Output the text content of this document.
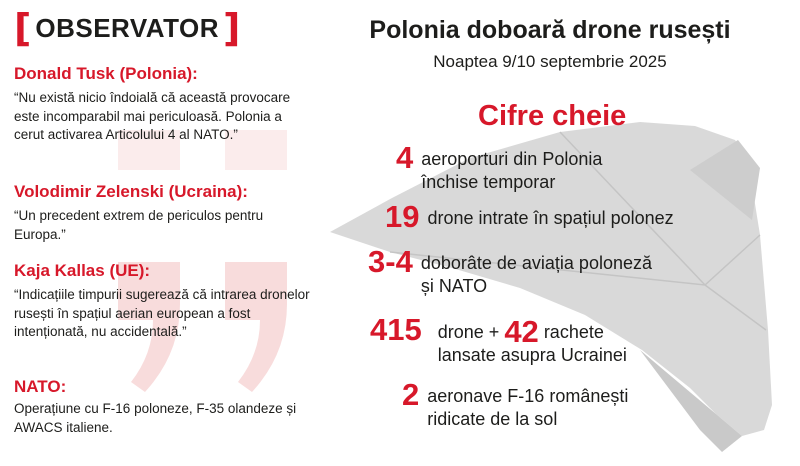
[ OBSERVATOR ]	Polonia doboară drone rusești
Noaptea 9/10 septembrie 2025
Donald Tusk (Polonia):
“Nu există nicio îndoială că această provocare este incomparabil mai periculoasă. Polonia a cerut activarea Articolului 4 al NATO.”
Volodimir Zelenski (Ucraina):
“Un precedent extrem de periculos pentru Europa.”
Kaja Kallas (UE):
“Indicațiile timpurii sugerează că intrarea dronelor rusești în spațiul aerian european a fost intenționată, nu accidentală.”
NATO:
Operațiune cu F-16 poloneze, F-35 olandeze și AWACS italiene.
Cifre cheie
4 aeroporturi din Polonia
închise temporar
19 drone intrate în spațiul polonez
3-4 doborâte de aviația poloneză
și NATO
415 drone + 42 rachete
lansate asupra Ucrainei
2 aeronave F-16 românești
ridicate de la sol
